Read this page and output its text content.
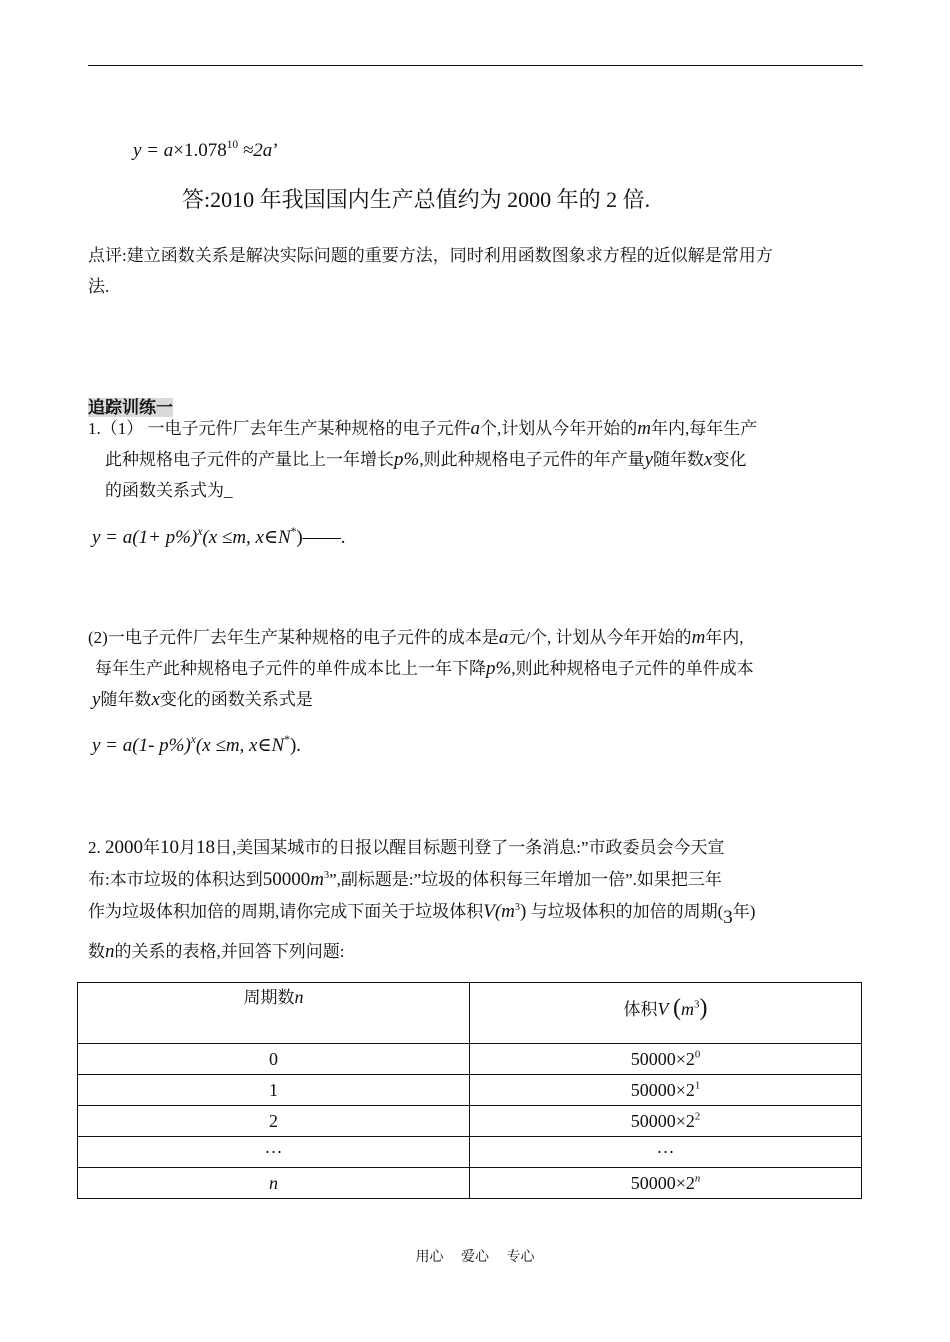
$y = a\times 1.078^{10} \approx 2a$’
答:2010 年我国国内生产总值约为 2000 年的 2 倍.
点评:建立函数关系是解决实际问题的重要方法，同时利用函数图象求方程的近似解是常用方
法.
追踪训练一
1.（1） 一电子元件厂去年生产某种规格的电子元件a个,计划从今年开始的m年内,每年生产
此种规格电子元件的产量比上一年增长p%,则此种规格电子元件的年产量y随年数x变化
的函数关系式为_
$y = a(1+ p\%)^x(x \le m$, x∈N*)——.
(2)一电子元件厂去年生产某种规格的电子元件的成本是a元/个, 计划从今年开始的m年内,
每年生产此种规格电子元件的单件成本比上一年下降p%,则此种规格电子元件的单件成本
y随年数x变化的函数关系式是
y = a(1- p%)$^x$(x ≤m, x∈N*).
2. 2000年10月18日,美国某城市的日报以醒目标题刊登了一条消息:”市政委员会今天宣
布:本市垃圾的体积达到$50000m^3$”,副标题是:”垃圾的体积每三年增加一倍”.如果把三年
作为垃圾体积加倍的周期,请你完成下面关于垃圾体积$V(m^3)$ 与垃圾体积的加倍的周期(3年)
数n的关系的表格,并回答下列问题:
周期数n	体积V $(m^3)$

0	$50000\times 2^0$
1	$50000\times 2^1$
2	$50000\times 2^2$
···	···
n	$50000\times 2^n$
用心 爱心 专心
